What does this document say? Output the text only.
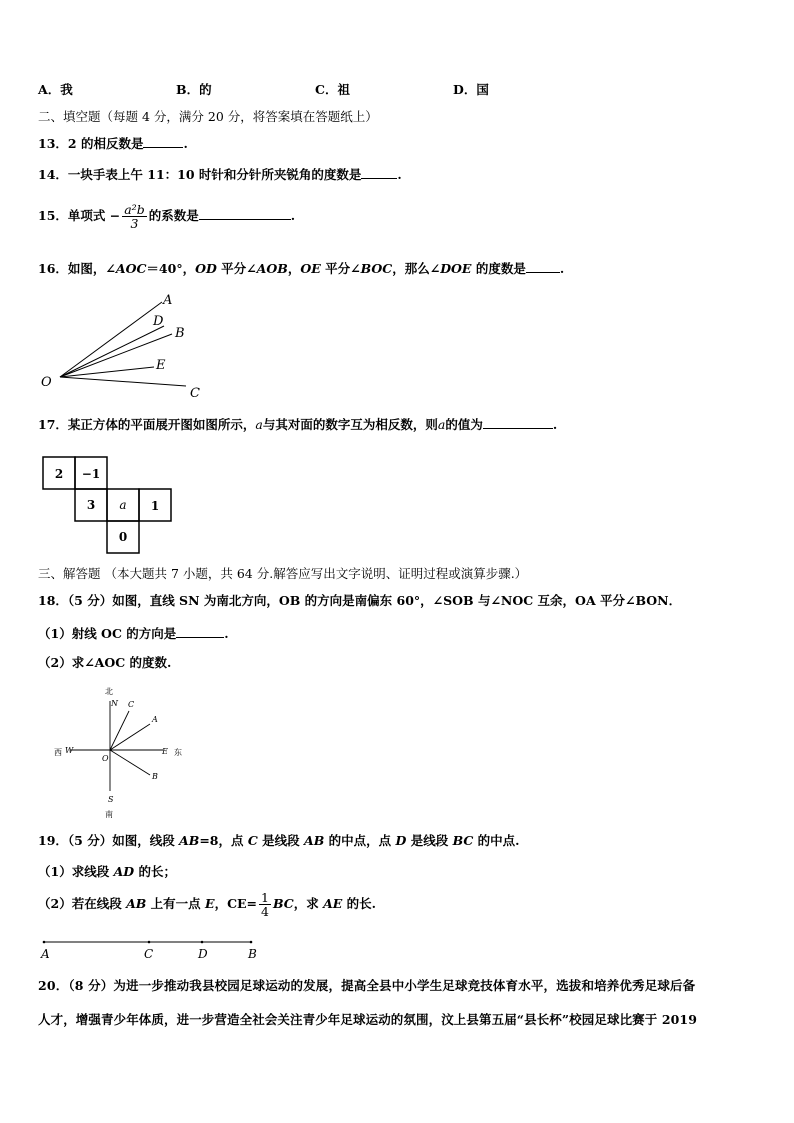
A．我	B．的	C．祖	D．国
二、填空题（每题 4 分，满分 20 分，将答案填在答题纸上）
13．2 的相反数是	.
14．一块手表上午 11：10 时针和分针所夹锐角的度数是	.
15．单项式 − $\frac{\text{a²b}}{3}$ 的系数是	.
16．如图，∠AOC＝40°，OD 平分∠AOB，OE 平分∠BOC，那么∠DOE 的度数是	.
A
D
B
E
O
C
17．某正方体的平面展开图如图所示，a与其对面的数字互为相反数，则a的值为	.
2 −1
3 a 1
0
三、解答题 （本大题共 7 小题，共 64 分.解答应写出文字说明、证明过程或演算步骤.）
18．（5 分）如图，直线 SN 为南北方向，OB 的方向是南偏东 60°，∠SOB 与∠NOC 互余，OA 平分∠BON．
（1）射线 OC 的方向是	.
（2）求∠AOC 的度数.
北
N C
A
西 W
O
E 东
B
S
南
19．（5 分）如图，线段 AB=8，点 C 是线段 AB 的中点，点 D 是线段 BC 的中点.
（1）求线段 AD 的长；
（2）若在线段 AB 上有一点 E，$CE= \frac{1}{4}$ BC，求 AE 的长.
A	C	D	B
20．（8 分）为进一步推动我县校园足球运动的发展，提高全县中小学生足球竞技体育水平，选拔和培养优秀足球后备
人才，增强青少年体质，进一步营造全社会关注青少年足球运动的氛围，汶上县第五届“县长杯”校园足球比赛于 2019
